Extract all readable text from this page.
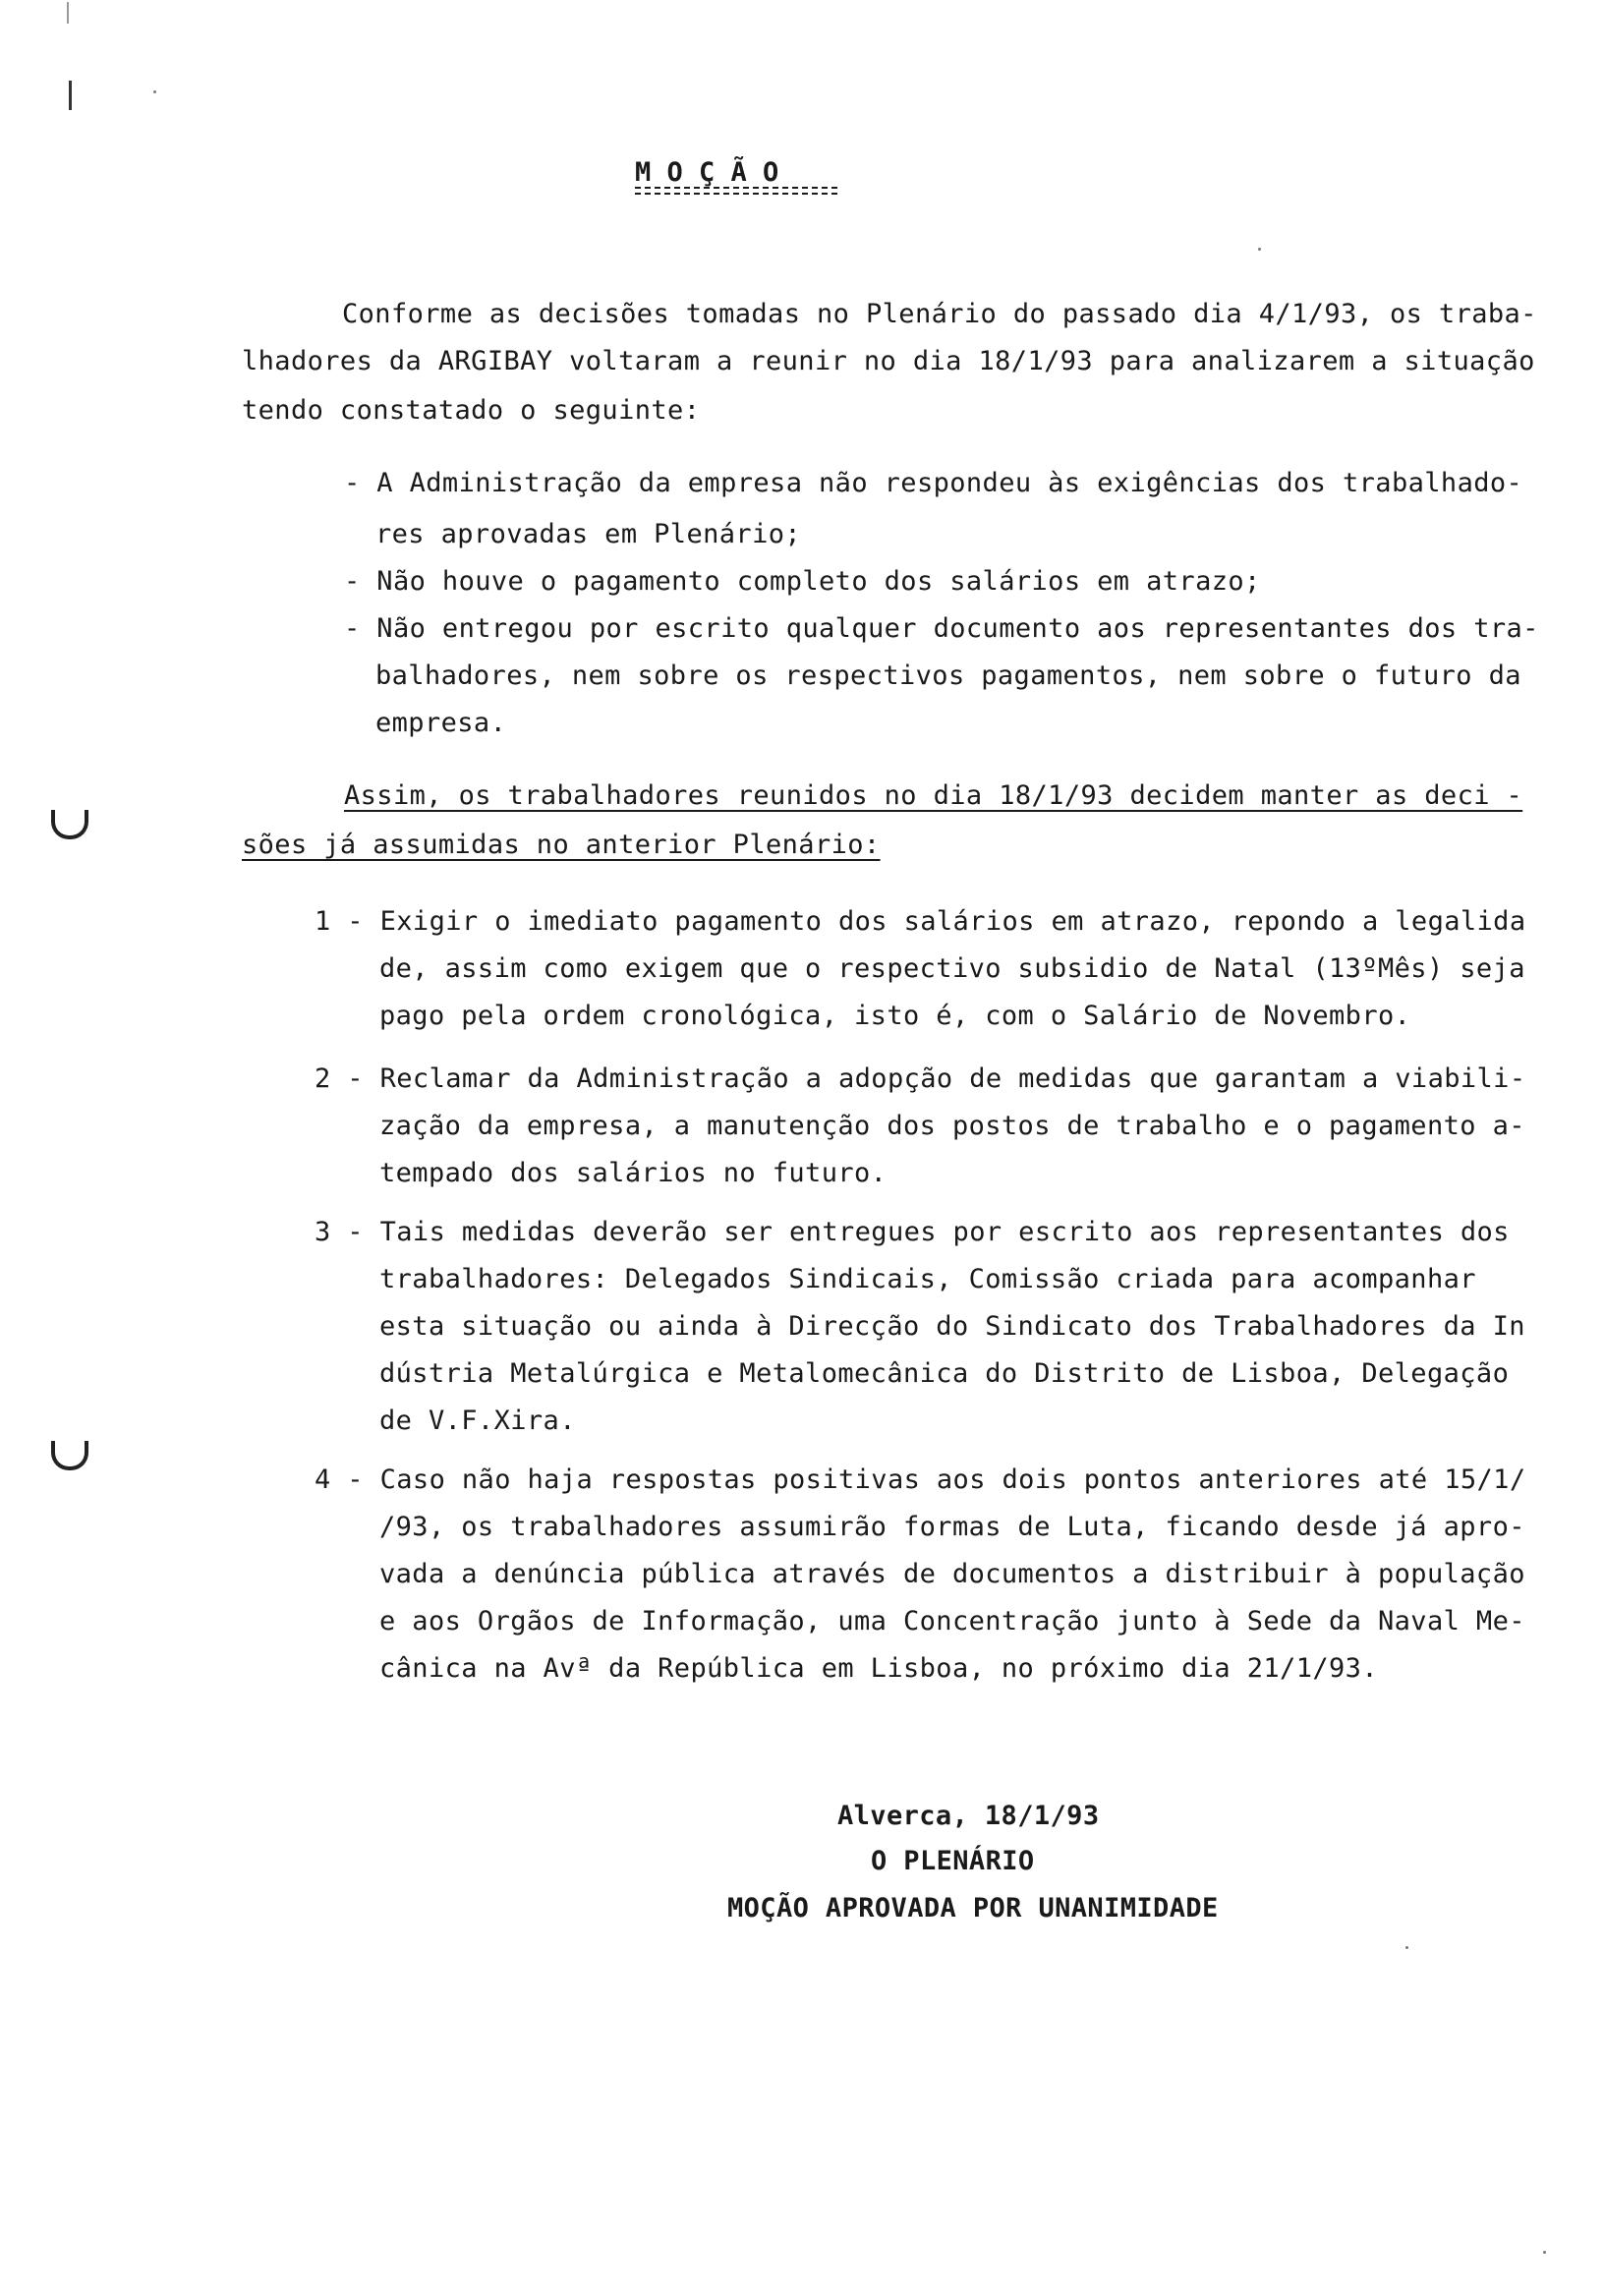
M O Ç Ã O
Conforme as decisões tomadas no Plenário do passado dia 4/1/93, os traba-
lhadores da ARGIBAY voltaram a reunir no dia 18/1/93 para analizarem a situação
tendo constatado o seguinte:
- A Administração da empresa não respondeu às exigências dos trabalhado-
res aprovadas em Plenário;
- Não houve o pagamento completo dos salários em atrazo;
- Não entregou por escrito qualquer documento aos representantes dos tra-
balhadores, nem sobre os respectivos pagamentos, nem sobre o futuro da
empresa.
Assim, os trabalhadores reunidos no dia 18/1/93 decidem manter as deci -
sões já assumidas no anterior Plenário:
1 - Exigir o imediato pagamento dos salários em atrazo, repondo a legalida
de, assim como exigem que o respectivo subsidio de Natal (13ºMês) seja
pago pela ordem cronológica, isto é, com o Salário de Novembro.
2 - Reclamar da Administração a adopção de medidas que garantam a viabili-
zação da empresa, a manutenção dos postos de trabalho e o pagamento a-
tempado dos salários no futuro.
3 - Tais medidas deverão ser entregues por escrito aos representantes dos
trabalhadores: Delegados Sindicais, Comissão criada para acompanhar
esta situação ou ainda à Direcção do Sindicato dos Trabalhadores da In
dústria Metalúrgica e Metalomecânica do Distrito de Lisboa, Delegação
de V.F.Xira.
4 - Caso não haja respostas positivas aos dois pontos anteriores até 15/1/
/93, os trabalhadores assumirão formas de Luta, ficando desde já apro-
vada a denúncia pública através de documentos a distribuir à população
e aos Orgãos de Informação, uma Concentração junto à Sede da Naval Me-
cânica na Avª da República em Lisboa, no próximo dia 21/1/93.
Alverca, 18/1/93
O PLENÁRIO
MOÇÃO APROVADA POR UNANIMIDADE
